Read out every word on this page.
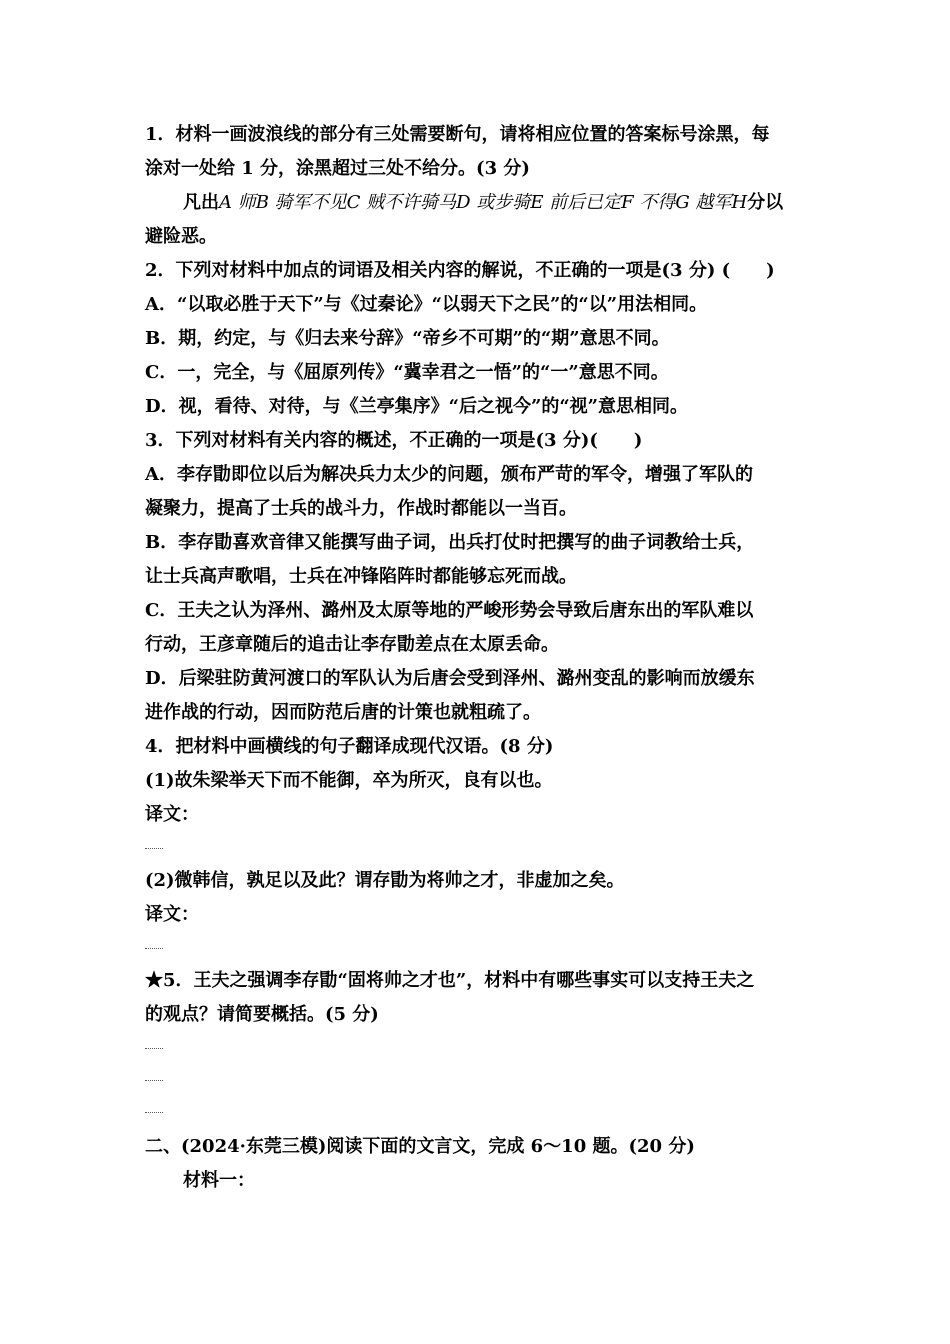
1．材料一画波浪线的部分有三处需要断句，请将相应位置的答案标号涂黑，每
涂对一处给 1 分，涂黑超过三处不给分。(3 分)
凡出A 师B 骑军不见C 贼不许骑马D 或步骑E 前后已定F 不得G 越军H分以
避险恶。
2．下列对材料中加点的词语及相关内容的解说，不正确的一项是(3 分) (　　)
A．“以取必胜于天下”与《过秦论》“以弱天下之民”的“以”用法相同。
B．期，约定，与《归去来兮辞》“帝乡不可期”的“期”意思不同。
C．一，完全，与《屈原列传》“冀幸君之一悟”的“一”意思不同。
D．视，看待、对待，与《兰亭集序》“后之视今”的“视”意思相同。
3．下列对材料有关内容的概述，不正确的一项是(3 分)(　　)
A．李存勖即位以后为解决兵力太少的问题，颁布严苛的军令，增强了军队的
凝聚力，提高了士兵的战斗力，作战时都能以一当百。
B．李存勖喜欢音律又能撰写曲子词，出兵打仗时把撰写的曲子词教给士兵，
让士兵高声歌唱，士兵在冲锋陷阵时都能够忘死而战。
C．王夫之认为泽州、潞州及太原等地的严峻形势会导致后唐东出的军队难以
行动，王彦章随后的追击让李存勖差点在太原丢命。
D．后梁驻防黄河渡口的军队认为后唐会受到泽州、潞州变乱的影响而放缓东
进作战的行动，因而防范后唐的计策也就粗疏了。
4．把材料中画横线的句子翻译成现代汉语。(8 分)
(1)故朱梁举天下而不能御，卒为所灭，良有以也。
译文：
(2)微韩信，孰足以及此？谓存勖为将帅之才，非虚加之矣。
译文：
★5．王夫之强调李存勖“固将帅之才也”，材料中有哪些事实可以支持王夫之
的观点？请简要概括。(5 分)
二、(2024·东莞三模)阅读下面的文言文，完成 6～10 题。(20 分)
材料一：
